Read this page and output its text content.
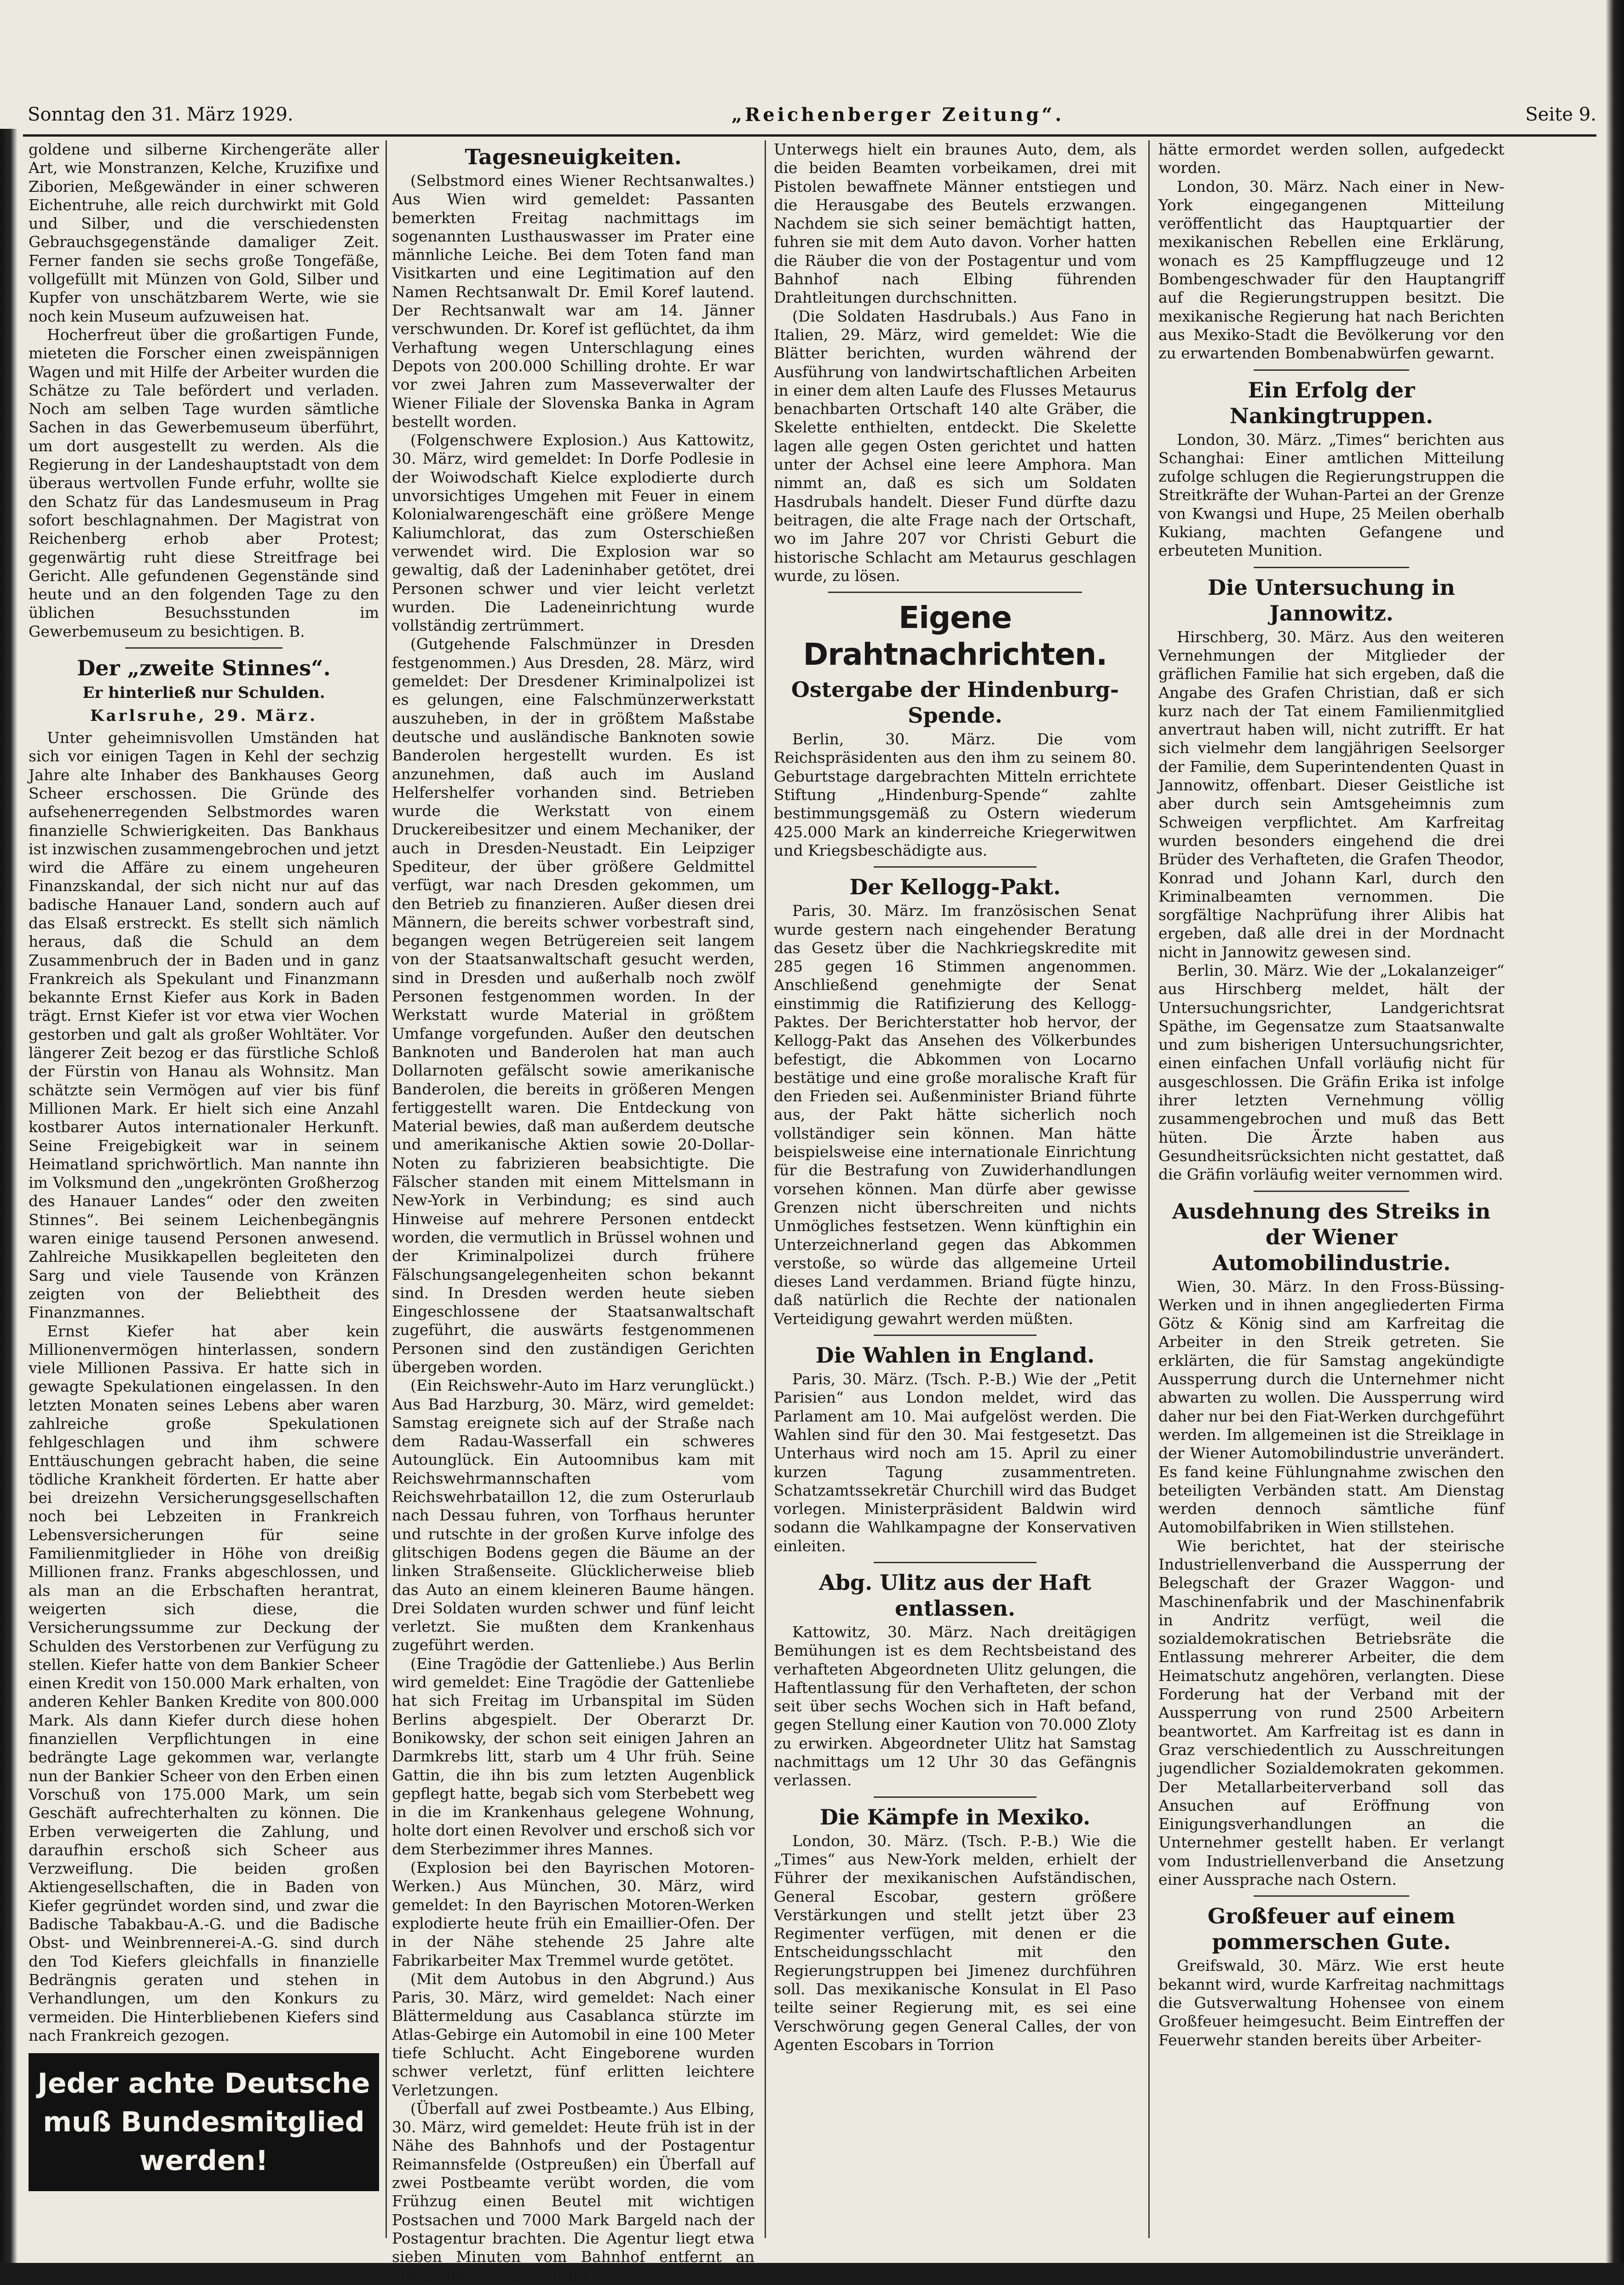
Sonntag den 31. März 1929.	„Reichenberger Zeitung“.	Seite 9.

goldene und silberne Kirchengeräte aller Art, wie Monstranzen, Kelche, Kruzifixe und Ziborien, Meßgewänder in einer schweren Eichentruhe, alle reich durchwirkt mit Gold und Silber, und die verschiedensten Gebrauchsgegenstände damaliger Zeit. Ferner fanden sie sechs große Tongefäße, vollgefüllt mit Münzen von Gold, Silber und Kupfer von unschätzbarem Werte, wie sie noch kein Museum aufzuweisen hat.

Hocherfreut über die großartigen Funde, mieteten die Forscher einen zweispännigen Wagen und mit Hilfe der Arbeiter wurden die Schätze zu Tale befördert und verladen. Noch am selben Tage wurden sämtliche Sachen in das Gewerbemuseum überführt, um dort ausgestellt zu werden. Als die Regierung in der Landeshauptstadt von dem überaus wertvollen Funde erfuhr, wollte sie den Schatz für das Landesmuseum in Prag sofort beschlagnahmen. Der Magistrat von Reichenberg erhob aber Protest; gegenwärtig ruht diese Streitfrage bei Gericht. Alle gefundenen Gegenstände sind heute und an den folgenden Tage zu den üblichen Besuchsstunden im Gewerbemuseum zu besichtigen. B.

Der „zweite Stinnes“.
Er hinterließ nur Schulden.
Karlsruhe, 29. März.

Unter geheimnisvollen Umständen hat sich vor einigen Tagen in Kehl der sechzig Jahre alte Inhaber des Bankhauses Georg Scheer erschossen. Die Gründe des aufsehenerregenden Selbstmordes waren finanzielle Schwierigkeiten. Das Bankhaus ist inzwischen zusammengebrochen und jetzt wird die Affäre zu einem ungeheuren Finanzskandal, der sich nicht nur auf das badische Hanauer Land, sondern auch auf das Elsaß erstreckt. Es stellt sich nämlich heraus, daß die Schuld an dem Zusammenbruch der in Baden und in ganz Frankreich als Spekulant und Finanzmann bekannte Ernst Kiefer aus Kork in Baden trägt. Ernst Kiefer ist vor etwa vier Wochen gestorben und galt als großer Wohltäter. Vor längerer Zeit bezog er das fürstliche Schloß der Fürstin von Hanau als Wohnsitz. Man schätzte sein Vermögen auf vier bis fünf Millionen Mark. Er hielt sich eine Anzahl kostbarer Autos internationaler Herkunft. Seine Freigebigkeit war in seinem Heimatland sprichwörtlich. Man nannte ihn im Volksmund den „ungekrönten Großherzog des Hanauer Landes“ oder den zweiten Stinnes“. Bei seinem Leichenbegängnis waren einige tausend Personen anwesend. Zahlreiche Musikkapellen begleiteten den Sarg und viele Tausende von Kränzen zeigten von der Beliebtheit des Finanzmannes.

Ernst Kiefer hat aber kein Millionenvermögen hinterlassen, sondern viele Millionen Passiva. Er hatte sich in gewagte Spekulationen eingelassen. In den letzten Monaten seines Lebens aber waren zahlreiche große Spekulationen fehlgeschlagen und ihm schwere Enttäuschungen gebracht haben, die seine tödliche Krankheit förderten. Er hatte aber bei dreizehn Versicherungsgesellschaften noch bei Lebzeiten in Frankreich Lebensversicherungen für seine Familienmitglieder in Höhe von dreißig Millionen franz. Franks abgeschlossen, und als man an die Erbschaften herantrat, weigerten sich diese, die Versicherungssumme zur Deckung der Schulden des Verstorbenen zur Verfügung zu stellen. Kiefer hatte von dem Bankier Scheer einen Kredit von 150.000 Mark erhalten, von anderen Kehler Banken Kredite von 800.000 Mark. Als dann Kiefer durch diese hohen finanziellen Verpflichtungen in eine bedrängte Lage gekommen war, verlangte nun der Bankier Scheer von den Erben einen Vorschuß von 175.000 Mark, um sein Geschäft aufrechterhalten zu können. Die Erben verweigerten die Zahlung, und daraufhin erschoß sich Scheer aus Verzweiflung. Die beiden großen Aktiengesellschaften, die in Baden von Kiefer gegründet worden sind, und zwar die Badische Tabakbau-A.-G. und die Badische Obst- und Weinbrennerei-A.-G. sind durch den Tod Kiefers gleichfalls in finanzielle Bedrängnis geraten und stehen in Verhandlungen, um den Konkurs zu vermeiden. Die Hinterbliebenen Kiefers sind nach Frankreich gezogen.

Jeder achte Deutsche muß Bundesmitglied werden!
Tagesneuigkeiten.

(Selbstmord eines Wiener Rechtsanwaltes.) Aus Wien wird gemeldet: Passanten bemerkten Freitag nachmittags im sogenannten Lusthauswasser im Prater eine männliche Leiche. Bei dem Toten fand man Visitkarten und eine Legitimation auf den Namen Rechtsanwalt Dr. Emil Koref lautend. Der Rechtsanwalt war am 14. Jänner verschwunden. Dr. Koref ist geflüchtet, da ihm Verhaftung wegen Unterschlagung eines Depots von 200.000 Schilling drohte. Er war vor zwei Jahren zum Masseverwalter der Wiener Filiale der Slovenska Banka in Agram bestellt worden.

(Folgenschwere Explosion.) Aus Kattowitz, 30. März, wird gemeldet: In Dorfe Podlesie in der Woiwodschaft Kielce explodierte durch unvorsichtiges Umgehen mit Feuer in einem Kolonialwarengeschäft eine größere Menge Kaliumchlorat, das zum Osterschießen verwendet wird. Die Explosion war so gewaltig, daß der Ladeninhaber getötet, drei Personen schwer und vier leicht verletzt wurden. Die Ladeneinrichtung wurde vollständig zertrümmert.

(Gutgehende Falschmünzer in Dresden festgenommen.) Aus Dresden, 28. März, wird gemeldet: Der Dresdener Kriminalpolizei ist es gelungen, eine Falschmünzerwerkstatt auszuheben, in der in größtem Maßstabe deutsche und ausländische Banknoten sowie Banderolen hergestellt wurden. Es ist anzunehmen, daß auch im Ausland Helfershelfer vorhanden sind. Betrieben wurde die Werkstatt von einem Druckereibesitzer und einem Mechaniker, der auch in Dresden-Neustadt. Ein Leipziger Spediteur, der über größere Geldmittel verfügt, war nach Dresden gekommen, um den Betrieb zu finanzieren. Außer diesen drei Männern, die bereits schwer vorbestraft sind, begangen wegen Betrügereien seit langem von der Staatsanwaltschaft gesucht werden, sind in Dresden und außerhalb noch zwölf Personen festgenommen worden. In der Werkstatt wurde Material in größtem Umfange vorgefunden. Außer den deutschen Banknoten und Banderolen hat man auch Dollarnoten gefälscht sowie amerikanische Banderolen, die bereits in größeren Mengen fertiggestellt waren. Die Entdeckung von Material bewies, daß man außerdem deutsche und amerikanische Aktien sowie 20-Dollar-Noten zu fabrizieren beabsichtigte. Die Fälscher standen mit einem Mittelsmann in New-York in Verbindung; es sind auch Hinweise auf mehrere Personen entdeckt worden, die vermutlich in Brüssel wohnen und der Kriminalpolizei durch frühere Fälschungsangelegenheiten schon bekannt sind. In Dresden werden heute sieben Eingeschlossene der Staatsanwaltschaft zugeführt, die auswärts festgenommenen Personen sind den zuständigen Gerichten übergeben worden.

(Ein Reichswehr-Auto im Harz verunglückt.) Aus Bad Harzburg, 30. März, wird gemeldet: Samstag ereignete sich auf der Straße nach dem Radau-Wasserfall ein schweres Autounglück. Ein Autoomnibus kam mit Reichswehrmannschaften vom Reichswehrbataillon 12, die zum Osterurlaub nach Dessau fuhren, von Torfhaus herunter und rutschte in der großen Kurve infolge des glitschigen Bodens gegen die Bäume an der linken Straßenseite. Glücklicherweise blieb das Auto an einem kleineren Baume hängen. Drei Soldaten wurden schwer und fünf leicht verletzt. Sie mußten dem Krankenhaus zugeführt werden.

(Eine Tragödie der Gattenliebe.) Aus Berlin wird gemeldet: Eine Tragödie der Gattenliebe hat sich Freitag im Urbanspital im Süden Berlins abgespielt. Der Oberarzt Dr. Bonikowsky, der schon seit einigen Jahren an Darmkrebs litt, starb um 4 Uhr früh. Seine Gattin, die ihn bis zum letzten Augenblick gepflegt hatte, begab sich vom Sterbebett weg in die im Krankenhaus gelegene Wohnung, holte dort einen Revolver und erschoß sich vor dem Sterbezimmer ihres Mannes.

(Explosion bei den Bayrischen Motoren-Werken.) Aus München, 30. März, wird gemeldet: In den Bayrischen Motoren-Werken explodierte heute früh ein Emaillier-Ofen. Der in der Nähe stehende 25 Jahre alte Fabrikarbeiter Max Tremmel wurde getötet.

(Mit dem Autobus in den Abgrund.) Aus Paris, 30. März, wird gemeldet: Nach einer Blättermeldung aus Casablanca stürzte im Atlas-Gebirge ein Automobil in eine 100 Meter tiefe Schlucht. Acht Eingeborene wurden schwer verletzt, fünf erlitten leichtere Verletzungen.

(Überfall auf zwei Postbeamte.) Aus Elbing, 30. März, wird gemeldet: Heute früh ist in der Nähe des Bahnhofs und der Postagentur Reimannsfelde (Ostpreußen) ein Überfall auf zwei Postbeamte verübt worden, die vom Frühzug einen Beutel mit wichtigen Postsachen und 7000 Mark Bargeld nach der Postagentur brachten. Die Agentur liegt etwa sieben Minuten vom Bahnhof entfernt an etwas abgelegener Stelle.

Unterwegs hielt ein braunes Auto, dem, als die beiden Beamten vorbeikamen, drei mit Pistolen bewaffnete Männer entstiegen und die Herausgabe des Beutels erzwangen. Nachdem sie sich seiner bemächtigt hatten, fuhren sie mit dem Auto davon. Vorher hatten die Räuber die von der Postagentur und vom Bahnhof nach Elbing führenden Drahtleitungen durchschnitten.

(Die Soldaten Hasdrubals.) Aus Fano in Italien, 29. März, wird gemeldet: Wie die Blätter berichten, wurden während der Ausführung von landwirtschaftlichen Arbeiten in einer dem alten Laufe des Flusses Metaurus benachbarten Ortschaft 140 alte Gräber, die Skelette enthielten, entdeckt. Die Skelette lagen alle gegen Osten gerichtet und hatten unter der Achsel eine leere Amphora. Man nimmt an, daß es sich um Soldaten Hasdrubals handelt. Dieser Fund dürfte dazu beitragen, die alte Frage nach der Ortschaft, wo im Jahre 207 vor Christi Geburt die historische Schlacht am Metaurus geschlagen wurde, zu lösen.

Eigene Drahtnachrichten.
Ostergabe der Hindenburg-Spende.

Berlin, 30. März. Die vom Reichspräsidenten aus den ihm zu seinem 80. Geburtstage dargebrachten Mitteln errichtete Stiftung „Hindenburg-Spende“ zahlte bestimmungsgemäß zu Ostern wiederum 425.000 Mark an kinderreiche Kriegerwitwen und Kriegsbeschädigte aus.

Der Kellogg-Pakt.

Paris, 30. März. Im französischen Senat wurde gestern nach eingehender Beratung das Gesetz über die Nachkriegskredite mit 285 gegen 16 Stimmen angenommen. Anschließend genehmigte der Senat einstimmig die Ratifizierung des Kellogg-Paktes. Der Berichterstatter hob hervor, der Kellogg-Pakt das Ansehen des Völkerbundes befestigt, die Abkommen von Locarno bestätige und eine große moralische Kraft für den Frieden sei. Außenminister Briand führte aus, der Pakt hätte sicherlich noch vollständiger sein können. Man hätte beispielsweise eine internationale Einrichtung für die Bestrafung von Zuwiderhandlungen vorsehen können. Man dürfe aber gewisse Grenzen nicht überschreiten und nichts Unmögliches festsetzen. Wenn künftighin ein Unterzeichnerland gegen das Abkommen verstoße, so würde das allgemeine Urteil dieses Land verdammen. Briand fügte hinzu, daß natürlich die Rechte der nationalen Verteidigung gewahrt werden müßten.

Die Wahlen in England.

Paris, 30. März. (Tsch. P.-B.) Wie der „Petit Parisien“ aus London meldet, wird das Parlament am 10. Mai aufgelöst werden. Die Wahlen sind für den 30. Mai festgesetzt. Das Unterhaus wird noch am 15. April zu einer kurzen Tagung zusammentreten. Schatzamtssekretär Churchill wird das Budget vorlegen. Ministerpräsident Baldwin wird sodann die Wahlkampagne der Konservativen einleiten.

Abg. Ulitz aus der Haft entlassen.

Kattowitz, 30. März. Nach dreitägigen Bemühungen ist es dem Rechtsbeistand des verhafteten Abgeordneten Ulitz gelungen, die Haftentlassung für den Verhafteten, der schon seit über sechs Wochen sich in Haft befand, gegen Stellung einer Kaution von 70.000 Zloty zu erwirken. Abgeordneter Ulitz hat Samstag nachmittags um 12 Uhr 30 das Gefängnis verlassen.

Die Kämpfe in Mexiko.

London, 30. März. (Tsch. P.-B.) Wie die „Times“ aus New-York melden, erhielt der Führer der mexikanischen Aufständischen, General Escobar, gestern größere Verstärkungen und stellt jetzt über 23 Regimenter verfügen, mit denen er die Entscheidungsschlacht mit den Regierungstruppen bei Jimenez durchführen soll. Das mexikanische Konsulat in El Paso teilte seiner Regierung mit, es sei eine Verschwörung gegen General Calles, der von Agenten Escobars in Torrion

hätte ermordet werden sollen, aufgedeckt worden.

London, 30. März. Nach einer in New-York eingegangenen Mitteilung veröffentlicht das Hauptquartier der mexikanischen Rebellen eine Erklärung, wonach es 25 Kampfflugzeuge und 12 Bombengeschwader für den Hauptangriff auf die Regierungstruppen besitzt. Die mexikanische Regierung hat nach Berichten aus Mexiko-Stadt die Bevölkerung vor den zu erwartenden Bombenabwürfen gewarnt.

Ein Erfolg der Nankingtruppen.

London, 30. März. „Times“ berichten aus Schanghai: Einer amtlichen Mitteilung zufolge schlugen die Regierungstruppen die Streitkräfte der Wuhan-Partei an der Grenze von Kwangsi und Hupe, 25 Meilen oberhalb Kukiang, machten Gefangene und erbeuteten Munition.

Die Untersuchung in Jannowitz.

Hirschberg, 30. März. Aus den weiteren Vernehmungen der Mitglieder der gräflichen Familie hat sich ergeben, daß die Angabe des Grafen Christian, daß er sich kurz nach der Tat einem Familienmitglied anvertraut haben will, nicht zutrifft. Er hat sich vielmehr dem langjährigen Seelsorger der Familie, dem Superintendenten Quast in Jannowitz, offenbart. Dieser Geistliche ist aber durch sein Amtsgeheimnis zum Schweigen verpflichtet. Am Karfreitag wurden besonders eingehend die drei Brüder des Verhafteten, die Grafen Theodor, Konrad und Johann Karl, durch den Kriminalbeamten vernommen. Die sorgfältige Nachprüfung ihrer Alibis hat ergeben, daß alle drei in der Mordnacht nicht in Jannowitz gewesen sind.

Berlin, 30. März. Wie der „Lokalanzeiger“ aus Hirschberg meldet, hält der Untersuchungsrichter, Landgerichtsrat Späthe, im Gegensatze zum Staatsanwalte und zum bisherigen Untersuchungsrichter, einen einfachen Unfall vorläufig nicht für ausgeschlossen. Die Gräfin Erika ist infolge ihrer letzten Vernehmung völlig zusammengebrochen und muß das Bett hüten. Die Ärzte haben aus Gesundheitsrücksichten nicht gestattet, daß die Gräfin vorläufig weiter vernommen wird.

Ausdehnung des Streiks in der Wiener Automobilindustrie.

Wien, 30. März. In den Fross-Büssing-Werken und in ihnen angegliederten Firma Götz & König sind am Karfreitag die Arbeiter in den Streik getreten. Sie erklärten, die für Samstag angekündigte Aussperrung durch die Unternehmer nicht abwarten zu wollen. Die Aussperrung wird daher nur bei den Fiat-Werken durchgeführt werden. Im allgemeinen ist die Streiklage in der Wiener Automobilindustrie unverändert. Es fand keine Fühlungnahme zwischen den beteiligten Verbänden statt. Am Dienstag werden dennoch sämtliche fünf Automobilfabriken in Wien stillstehen.

Wie berichtet, hat der steirische Industriellenverband die Aussperrung der Belegschaft der Grazer Waggon- und Maschinenfabrik und der Maschinenfabrik in Andritz verfügt, weil die sozialdemokratischen Betriebsräte die Entlassung mehrerer Arbeiter, die dem Heimatschutz angehören, verlangten. Diese Forderung hat der Verband mit der Aussperrung von rund 2500 Arbeitern beantwortet. Am Karfreitag ist es dann in Graz verschiedentlich zu Ausschreitungen jugendlicher Sozialdemokraten gekommen. Der Metallarbeiterverband soll das Ansuchen auf Eröffnung von Einigungsverhandlungen an die Unternehmer gestellt haben. Er verlangt vom Industriellenverband die Ansetzung einer Aussprache nach Ostern.

Großfeuer auf einem pommerschen Gute.

Greifswald, 30. März. Wie erst heute bekannt wird, wurde Karfreitag nachmittags die Gutsverwaltung Hohensee von einem Großfeuer heimgesucht. Beim Eintreffen der Feuerwehr standen bereits über Arbeiter-
